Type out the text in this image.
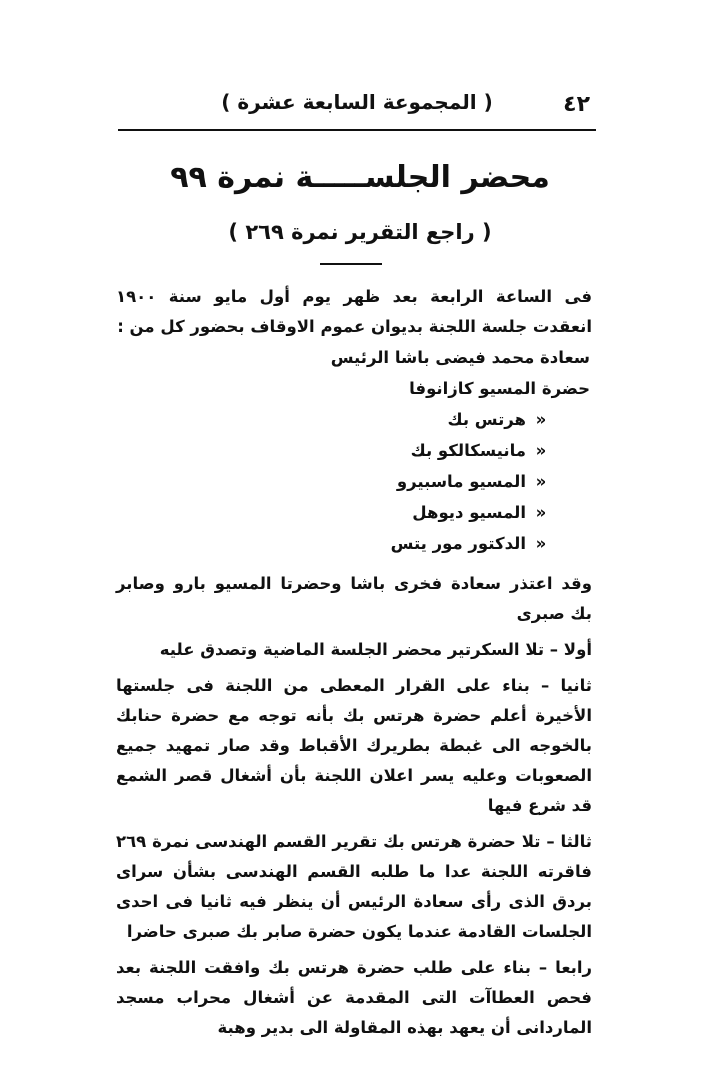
٤٢
( المجموعة السابعة عشرة )
محضر الجلســـــة نمرة ٩٩
( راجع التقرير نمرة ٢٦٩ )

فى الساعة الرابعة بعد ظهر يوم أول مايو سنة ١٩٠٠ انعقدت جلسة اللجنة بديوان عموم الاوقاف بحضور كل من :

سعادة محمد فيضى باشا الرئيس
حضرة المسيو كازانوفا
«هرتس بك
«مانيسكالكو بك
«المسيو ماسبيرو
«المسيو ديوهل
«الدكتور مور يتس

وقد اعتذر سعادة فخرى باشا وحضرتا المسيو بارو وصابر بك صبرى

أولا – تلا السكرتير محضر الجلسة الماضية وتصدق عليه

ثانيا – بناء على القرار المعطى من اللجنة فى جلستها الأخيرة أعلم حضرة هرتس بك بأنه توجه مع حضرة حنابك بالخوجه الى غبطة بطريرك الأقباط وقد صار تمهيد جميع الصعوبات وعليه يسر اعلان اللجنة بأن أشغال قصر الشمع قد شرع فيها

ثالثا – تلا حضرة هرتس بك تقرير القسم الهندسى نمرة ٢٦٩ فاقرته اللجنة عدا ما طلبه القسم الهندسى بشأن سراى بردق الذى رأى سعادة الرئيس أن ينظر فيه ثانيا فى احدى الجلسات القادمة عندما يكون حضرة صابر بك صبرى حاضرا

رابعا – بناء على طلب حضرة هرتس بك وافقت اللجنة بعد فحص العطاآت التى المقدمة عن أشغال محراب مسجد الماردانى أن يعهد بهذه المقاولة الى بدير وهبة
